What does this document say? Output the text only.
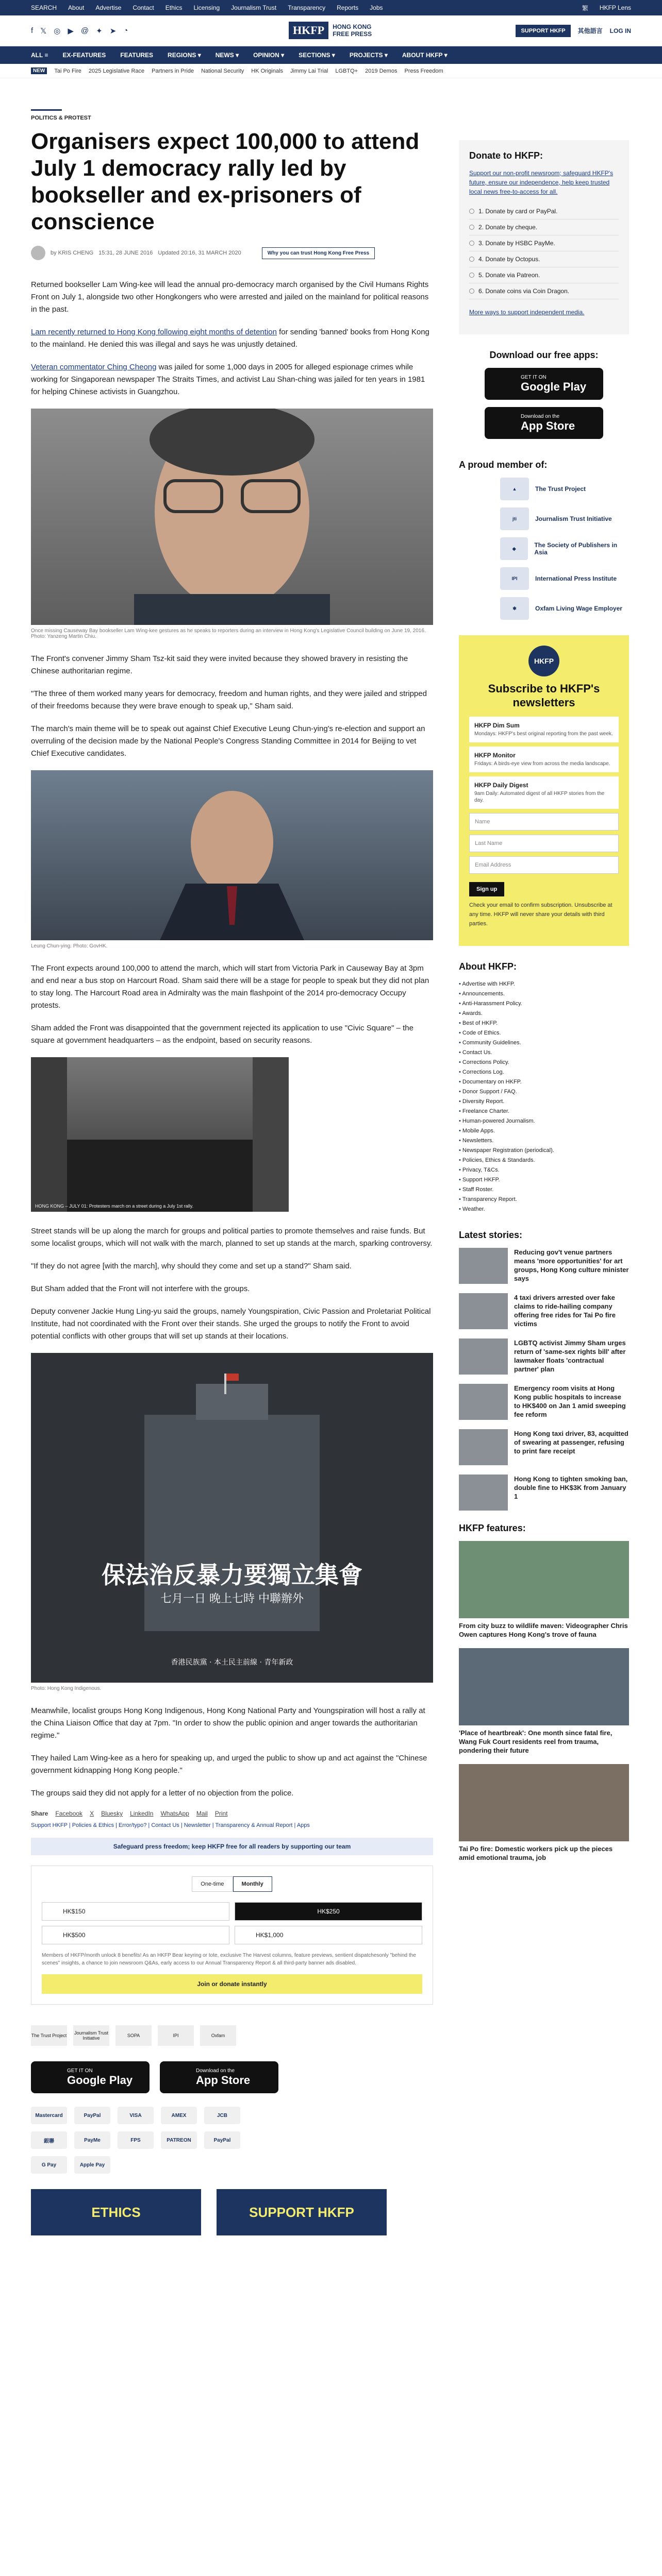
SEARCH About Advertise Contact Ethics Licensing Journalism Trust Transparency Reports Jobs	繁 HKFP Lens
f 𝕏 ◎ ▶ @ ✦ ➤ ◔	HKFP	HONG KONG
FREE PRESS	SUPPORT HKFP	其他語言 LOG IN
ALL ≡ EX-FEATURES FEATURES REGIONS ▾ NEWS ▾ OPINION ▾ SECTIONS ▾ PROJECTS ▾ ABOUT HKFP ▾
NEW	Tai Po Fire 2025 Legislative Race Partners in Pride National Security HK Originals Jimmy Lai Trial LGBTQ+ 2019 Demos Press Freedom
POLITICS & PROTEST
Organisers expect 100,000 to attend July 1 democracy rally led by bookseller and ex-prisoners of conscience
by KRIS CHENG 15:31, 28 JUNE 2016 Updated 20:16, 31 MARCH 2020	Why you can trust Hong Kong Free Press

Returned bookseller Lam Wing-kee will lead the annual pro-democracy march organised by the Civil Humans Rights Front on July 1, alongside two other Hongkongers who were arrested and jailed on the mainland for political reasons in the past.

Lam recently returned to Hong Kong following eight months of detention for sending 'banned' books from Hong Kong to the mainland. He denied this was illegal and says he was unjustly detained.

Veteran commentator Ching Cheong was jailed for some 1,000 days in 2005 for alleged espionage crimes while working for Singaporean newspaper The Straits Times, and activist Lau Shan-ching was jailed for ten years in 1981 for helping Chinese activists in Guangzhou.

Once missing Causeway Bay bookseller Lam Wing-kee gestures as he speaks to reporters during an interview in Hong Kong's Legislative Council building on June 19, 2016. Photo: Yanzeng Martin Chiu.

The Front's convener Jimmy Sham Tsz-kit said they were invited because they showed bravery in resisting the Chinese authoritarian regime.

"The three of them worked many years for democracy, freedom and human rights, and they were jailed and stripped of their freedoms because they were brave enough to speak up," Sham said.

The march's main theme will be to speak out against Chief Executive Leung Chun-ying's re-election and support an overruling of the decision made by the National People's Congress Standing Committee in 2014 for Beijing to vet Chief Executive candidates.

Leung Chun-ying. Photo: GovHK.

The Front expects around 100,000 to attend the march, which will start from Victoria Park in Causeway Bay at 3pm and end near a bus stop on Harcourt Road. Sham said there will be a stage for people to speak but they did not plan to stay long. The Harcourt Road area in Admiralty was the main flashpoint of the 2014 pro-democracy Occupy protests.

Sham added the Front was disappointed that the government rejected its application to use "Civic Square" – the square at government headquarters – as the endpoint, based on security reasons.

HONG KONG – JULY 01: Protesters march on a street during a July 1st rally.

Street stands will be up along the march for groups and political parties to promote themselves and raise funds. But some localist groups, which will not walk with the march, planned to set up stands at the march, sparking controversy.

"If they do not agree [with the march], why should they come and set up a stand?" Sham said.

But Sham added that the Front will not interfere with the groups.

Deputy convener Jackie Hung Ling-yu said the groups, namely Youngspiration, Civic Passion and Proletariat Political Institute, had not coordinated with the Front over their stands. She urged the groups to notify the Front to avoid potential conflicts with other groups that will set up stands at their locations.

保法治反暴力要獨立集會
七月一日 晚上七時 中聯辦外
香港民族黨 · 本土民主前線 · 青年新政
Photo: Hong Kong Indigenous.

Meanwhile, localist groups Hong Kong Indigenous, Hong Kong National Party and Youngspiration will host a rally at the China Liaison Office that day at 7pm. "In order to show the public opinion and anger towards the authoritarian regime."

They hailed Lam Wing-kee as a hero for speaking up, and urged the public to show up and act against the "Chinese government kidnapping Hong Kong people."

The groups said they did not apply for a letter of no objection from the police.

Share Facebook X Bluesky LinkedIn WhatsApp Mail Print
Support HKFP | Policies & Ethics | Error/typo? | Contact Us | Newsletter | Transparency & Annual Report | Apps
Safeguard press freedom; keep HKFP free for all readers by supporting our team
One-time	Monthly
HK$150	HK$250
HK$500	HK$1,000
Members of HKFP/month unlock 8 benefits! As an HKFP Bear keyring or tote, exclusive The Harvest columns, feature previews, sentient dispatchesonly "behind the scenes" insights, a chance to join newsroom Q&As, early access to our Annual Transparency Report & all third-party banner ads disabled.
Join or donate instantly
The Trust Project Journalism Trust Initiative	SOPA	IPI	Oxfam
GET IT ON
Google Play
Download on the
App Store
Mastercard	PayPal	VISA	AMEX	JCB
銀聯	PayMe	FPS	PATREON	PayPal
G Pay	Apple Pay
ETHICS	SUPPORT HKFP
Donate to HKFP:
Support our non-profit newsroom; safeguard HKFP's future, ensure our independence, help keep trusted local news free-to-access for all.
1. Donate by card or PayPal.
2. Donate by cheque.
3. Donate by HSBC PayMe.
4. Donate by Octopus.
5. Donate via Patreon.
6. Donate coins via Coin Dragon.
More ways to support independent media.
Download our free apps:
GET IT ON
Google Play
Download on the
App Store
A proud member of:
▲	The Trust Project
jti	Journalism Trust Initiative
◆	The Society of Publishers in Asia
IPI	International Press Institute
✱	Oxfam Living Wage Employer
HKFP
Subscribe to HKFP's newsletters
HKFP Dim Sum
Mondays: HKFP's best original reporting from the past week.
HKFP Monitor
Fridays: A birds-eye view from across the media landscape.
HKFP Daily Digest
9am Daily: Automated digest of all HKFP stories from the day.
Name
Last Name
Email Address
Sign up
Check your email to confirm subscription. Unsubscribe at any time. HKFP will never share your details with third parties.
About HKFP:
• Advertise with HKFP.
• Announcements.
• Anti-Harassment Policy.
• Awards.
• Best of HKFP.
• Code of Ethics.
• Community Guidelines.
• Contact Us.
• Corrections Policy.
• Corrections Log.
• Documentary on HKFP.
• Donor Support / FAQ.
• Diversity Report.
• Freelance Charter.
• Human-powered Journalism.
• Mobile Apps.
• Newsletters.
• Newspaper Registration (periodical).
• Policies, Ethics & Standards.
• Privacy, T&Cs.
• Support HKFP.
• Staff Roster.
• Transparency Report.
• Weather.
Latest stories:
Reducing gov't venue partners means 'more opportunities' for art groups, Hong Kong culture minister says
4 taxi drivers arrested over fake claims to ride-hailing company offering free rides for Tai Po fire victims
LGBTQ activist Jimmy Sham urges return of 'same-sex rights bill' after lawmaker floats 'contractual partner' plan
Emergency room visits at Hong Kong public hospitals to increase to HK$400 on Jan 1 amid sweeping fee reform
Hong Kong taxi driver, 83, acquitted of swearing at passenger, refusing to print fare receipt
Hong Kong to tighten smoking ban, double fine to HK$3K from January 1
HKFP features:
From city buzz to wildlife maven: Videographer Chris Owen captures Hong Kong's trove of fauna
'Place of heartbreak': One month since fatal fire, Wang Fuk Court residents reel from trauma, pondering their future
Tai Po fire: Domestic workers pick up the pieces amid emotional trauma, job
